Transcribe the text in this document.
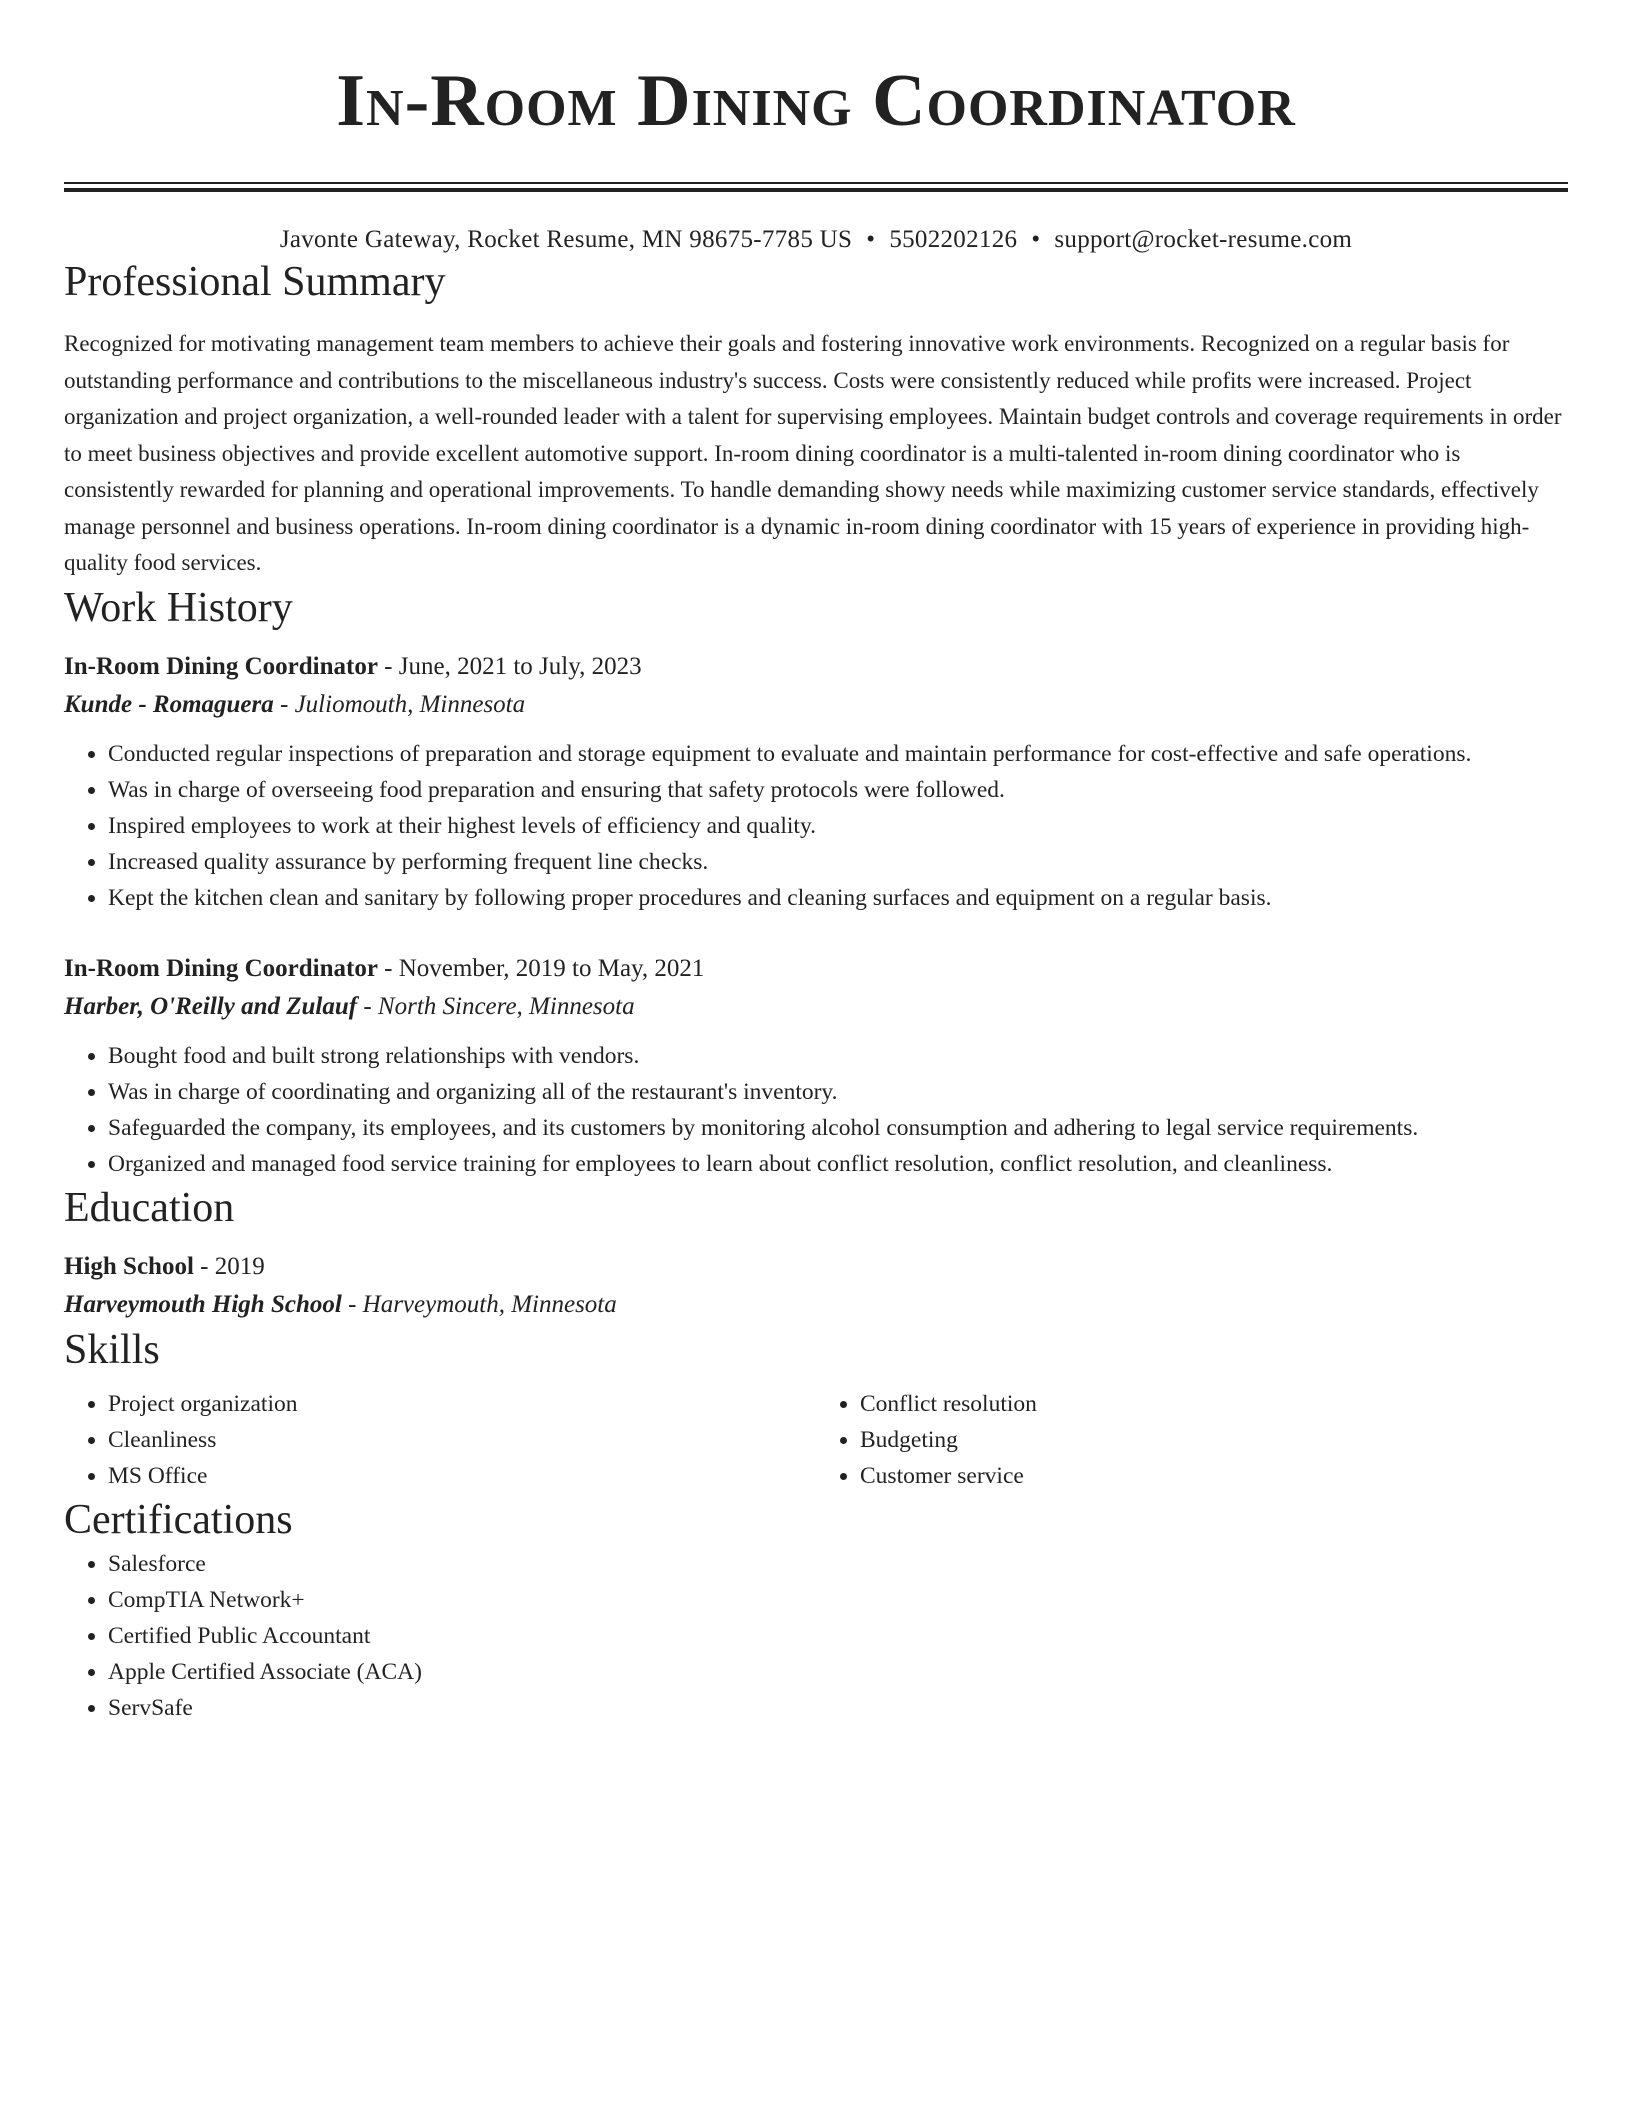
In-Room Dining Coordinator
Javonte Gateway, Rocket Resume, MN 98675-7785 US • 5502202126 • support@rocket-resume.com
Professional Summary

Recognized for motivating management team members to achieve their goals and fostering innovative work environments. Recognized on a regular basis for outstanding performance and contributions to the miscellaneous industry's success. Costs were consistently reduced while profits were increased. Project organization and project organization, a well-rounded leader with a talent for supervising employees. Maintain budget controls and coverage requirements in order to meet business objectives and provide excellent automotive support. In-room dining coordinator is a multi-talented in-room dining coordinator who is consistently rewarded for planning and operational improvements. To handle demanding showy needs while maximizing customer service standards, effectively manage personnel and business operations. In-room dining coordinator is a dynamic in-room dining coordinator with 15 years of experience in providing high-quality food services.

Work History
In-Room Dining Coordinator - June, 2021 to July, 2023
Kunde - Romaguera - Juliomouth, Minnesota
• Conducted regular inspections of preparation and storage equipment to evaluate and maintain performance for cost-effective and safe operations.
• Was in charge of overseeing food preparation and ensuring that safety protocols were followed.
• Inspired employees to work at their highest levels of efficiency and quality.
• Increased quality assurance by performing frequent line checks.
• Kept the kitchen clean and sanitary by following proper procedures and cleaning surfaces and equipment on a regular basis.
In-Room Dining Coordinator - November, 2019 to May, 2021
Harber, O'Reilly and Zulauf - North Sincere, Minnesota
• Bought food and built strong relationships with vendors.
• Was in charge of coordinating and organizing all of the restaurant's inventory.
• Safeguarded the company, its employees, and its customers by monitoring alcohol consumption and adhering to legal service requirements.
• Organized and managed food service training for employees to learn about conflict resolution, conflict resolution, and cleanliness.
Education
High School - 2019
Harveymouth High School - Harveymouth, Minnesota
Skills
• Project organization
• Cleanliness
• MS Office
• Conflict resolution
• Budgeting
• Customer service
Certifications
• Salesforce
• CompTIA Network+
• Certified Public Accountant
• Apple Certified Associate (ACA)
• ServSafe
